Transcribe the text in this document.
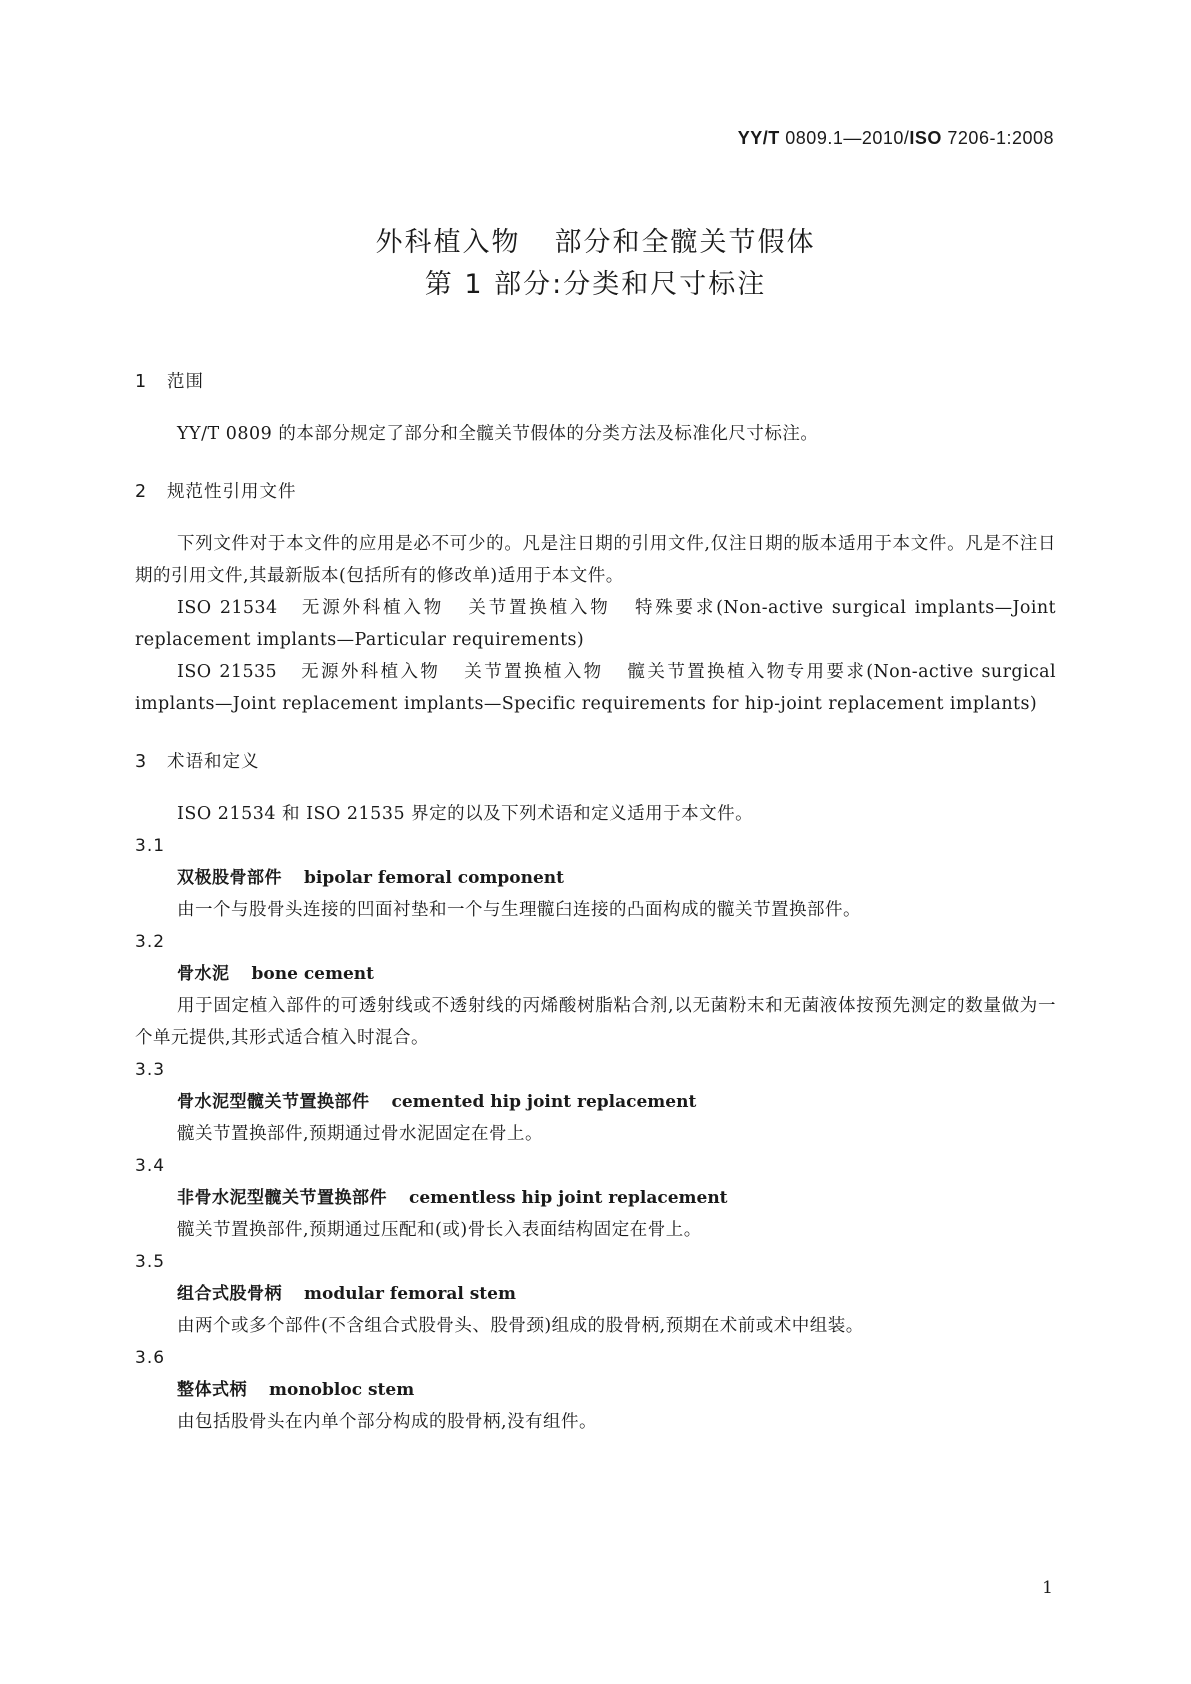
YY/T 0809.1—2010/ISO 7206-1:2008
外科植入物 部分和全髋关节假体
第 1 部分:分类和尺寸标注
1 范围
YY/T 0809 的本部分规定了部分和全髋关节假体的分类方法及标准化尺寸标注。
2 规范性引用文件
下列文件对于本文件的应用是必不可少的。凡是注日期的引用文件,仅注日期的版本适用于本文件。凡是不注日期的引用文件,其最新版本(包括所有的修改单)适用于本文件。
ISO 21534 无源外科植入物 关节置换植入物 特殊要求(Non-active surgical implants—Joint replacement implants—Particular requirements)
ISO 21535 无源外科植入物 关节置换植入物 髋关节置换植入物专用要求(Non-active surgical implants—Joint replacement implants—Specific requirements for hip-joint replacement implants)
3 术语和定义
ISO 21534 和 ISO 21535 界定的以及下列术语和定义适用于本文件。
3.1
双极股骨部件 bipolar femoral component
由一个与股骨头连接的凹面衬垫和一个与生理髋臼连接的凸面构成的髋关节置换部件。
3.2
骨水泥 bone cement
用于固定植入部件的可透射线或不透射线的丙烯酸树脂粘合剂,以无菌粉末和无菌液体按预先测定的数量做为一个单元提供,其形式适合植入时混合。
3.3
骨水泥型髋关节置换部件 cemented hip joint replacement
髋关节置换部件,预期通过骨水泥固定在骨上。
3.4
非骨水泥型髋关节置换部件 cementless hip joint replacement
髋关节置换部件,预期通过压配和(或)骨长入表面结构固定在骨上。
3.5
组合式股骨柄 modular femoral stem
由两个或多个部件(不含组合式股骨头、股骨颈)组成的股骨柄,预期在术前或术中组装。
3.6
整体式柄 monobloc stem
由包括股骨头在内单个部分构成的股骨柄,没有组件。
1
